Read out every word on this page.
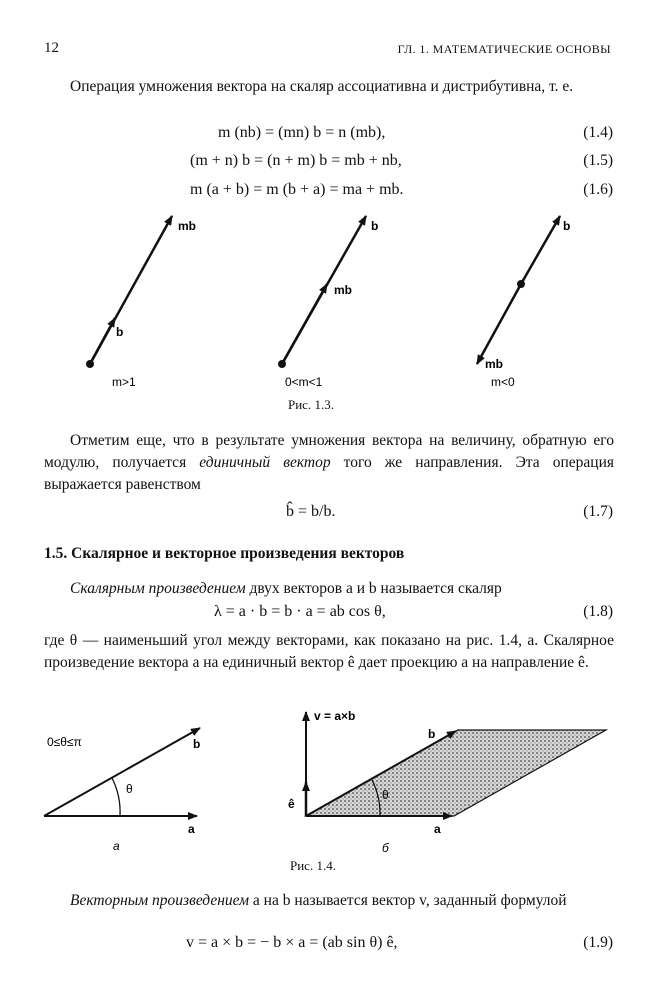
12	ГЛ. 1. МАТЕМАТИЧЕСКИЕ ОСНОВЫ
Операция умножения вектора на скаляр ассоциативна и дистрибутивна, т. е.
m (nb) = (mn) b = n (mb),	(1.4)
(m + n) b = (n + m) b = mb + nb,	(1.5)
m (a + b) = m (b + a) = ma + mb.	(1.6)
mb
b
m>1
b
mb
0<m<1
b
mb
m<0
Рис. 1.3.
Отметим еще, что в результате умножения вектора на величину, обратную его модулю, получается единичный вектор того же направления. Эта операция выражается равенством
b̂ = b/b.	(1.7)
1.5. Скалярное и векторное произведения векторов
Скалярным произведением двух векторов a и b называется скаляр
λ = a · b = b · a = ab cos θ,	(1.8)
где θ — наименьший угол между векторами, как показано на рис. 1.4, а. Скалярное произведение вектора a на единичный вектор ê дает проекцию a на направление ê.
0≤θ≤π	b
a
θ
а
v = a×b
b
a
ê
θ
б
Рис. 1.4.
Векторным произведением a на b называется вектор v, заданный формулой
v = a × b = − b × a = (ab sin θ) ê,	(1.9)
